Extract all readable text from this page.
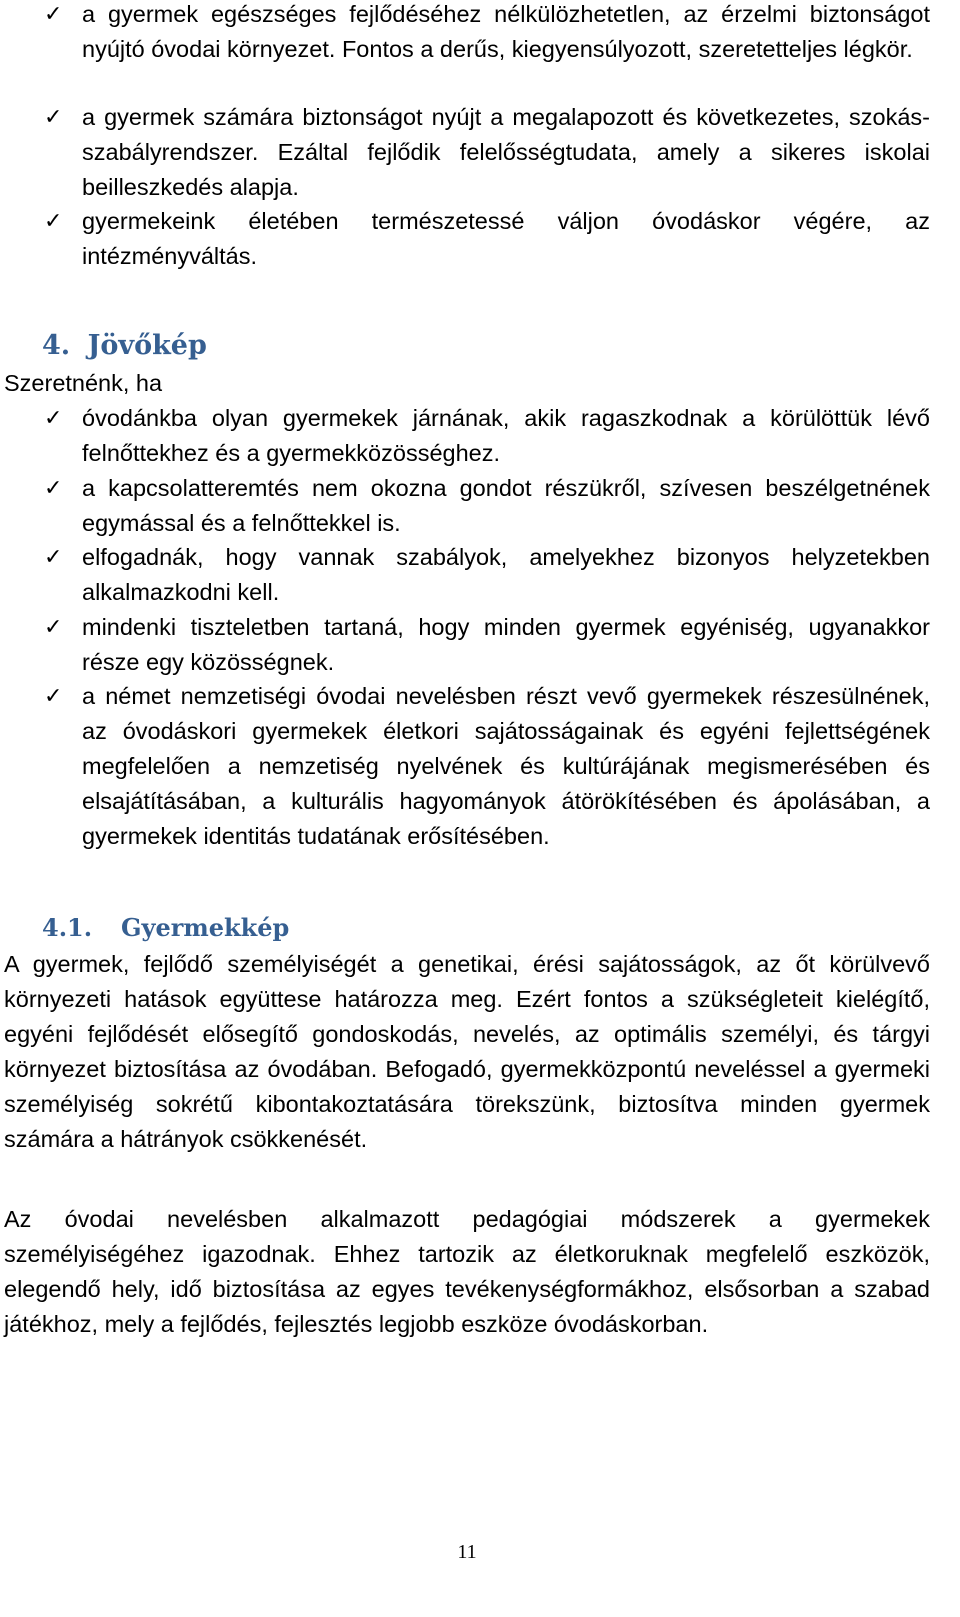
✓ a gyermek egészséges fejlődéséhez nélkülözhetetlen, az érzelmi biztonságot nyújtó óvodai környezet. Fontos a derűs, kiegyensúlyozott, szeretetteljes légkör.
✓ a gyermek számára biztonságot nyújt a megalapozott és következetes, szokás-szabályrendszer. Ezáltal fejlődik felelősségtudata, amely a sikeres iskolai beilleszkedés alapja.
✓ gyermekeink életében természetessé váljon óvodáskor végére, az intézményváltás.
4. Jövőkép
Szeretnénk, ha
✓ óvodánkba olyan gyermekek járnának, akik ragaszkodnak a körülöttük lévő felnőttekhez és a gyermekközösséghez.
✓ a kapcsolatteremtés nem okozna gondot részükről, szívesen beszélgetnének egymással és a felnőttekkel is.
✓ elfogadnák, hogy vannak szabályok, amelyekhez bizonyos helyzetekben alkalmazkodni kell.
✓ mindenki tiszteletben tartaná, hogy minden gyermek egyéniség, ugyanakkor része egy közösségnek.
✓ a német nemzetiségi óvodai nevelésben részt vevő gyermekek részesülnének, az óvodáskori gyermekek életkori sajátosságainak és egyéni fejlettségének megfelelően a nemzetiség nyelvének és kultúrájának megismerésében és elsajátításában, a kulturális hagyományok átörökítésében és ápolásában, a gyermekek identitás tudatának erősítésében.
4.1. Gyermekkép
A gyermek, fejlődő személyiségét a genetikai, érési sajátosságok, az őt körülvevő környezeti hatások együttese határozza meg. Ezért fontos a szükségleteit kielégítő, egyéni fejlődését elősegítő gondoskodás, nevelés, az optimális személyi, és tárgyi környezet biztosítása az óvodában. Befogadó, gyermekközpontú neveléssel a gyermeki személyiség sokrétű kibontakoztatására törekszünk, biztosítva minden gyermek számára a hátrányok csökkenését.
Az óvodai nevelésben alkalmazott pedagógiai módszerek a gyermekek személyiségéhez igazodnak. Ehhez tartozik az életkoruknak megfelelő eszközök, elegendő hely, idő biztosítása az egyes tevékenységformákhoz, elsősorban a szabad játékhoz, mely a fejlődés, fejlesztés legjobb eszköze óvodáskorban.
11
